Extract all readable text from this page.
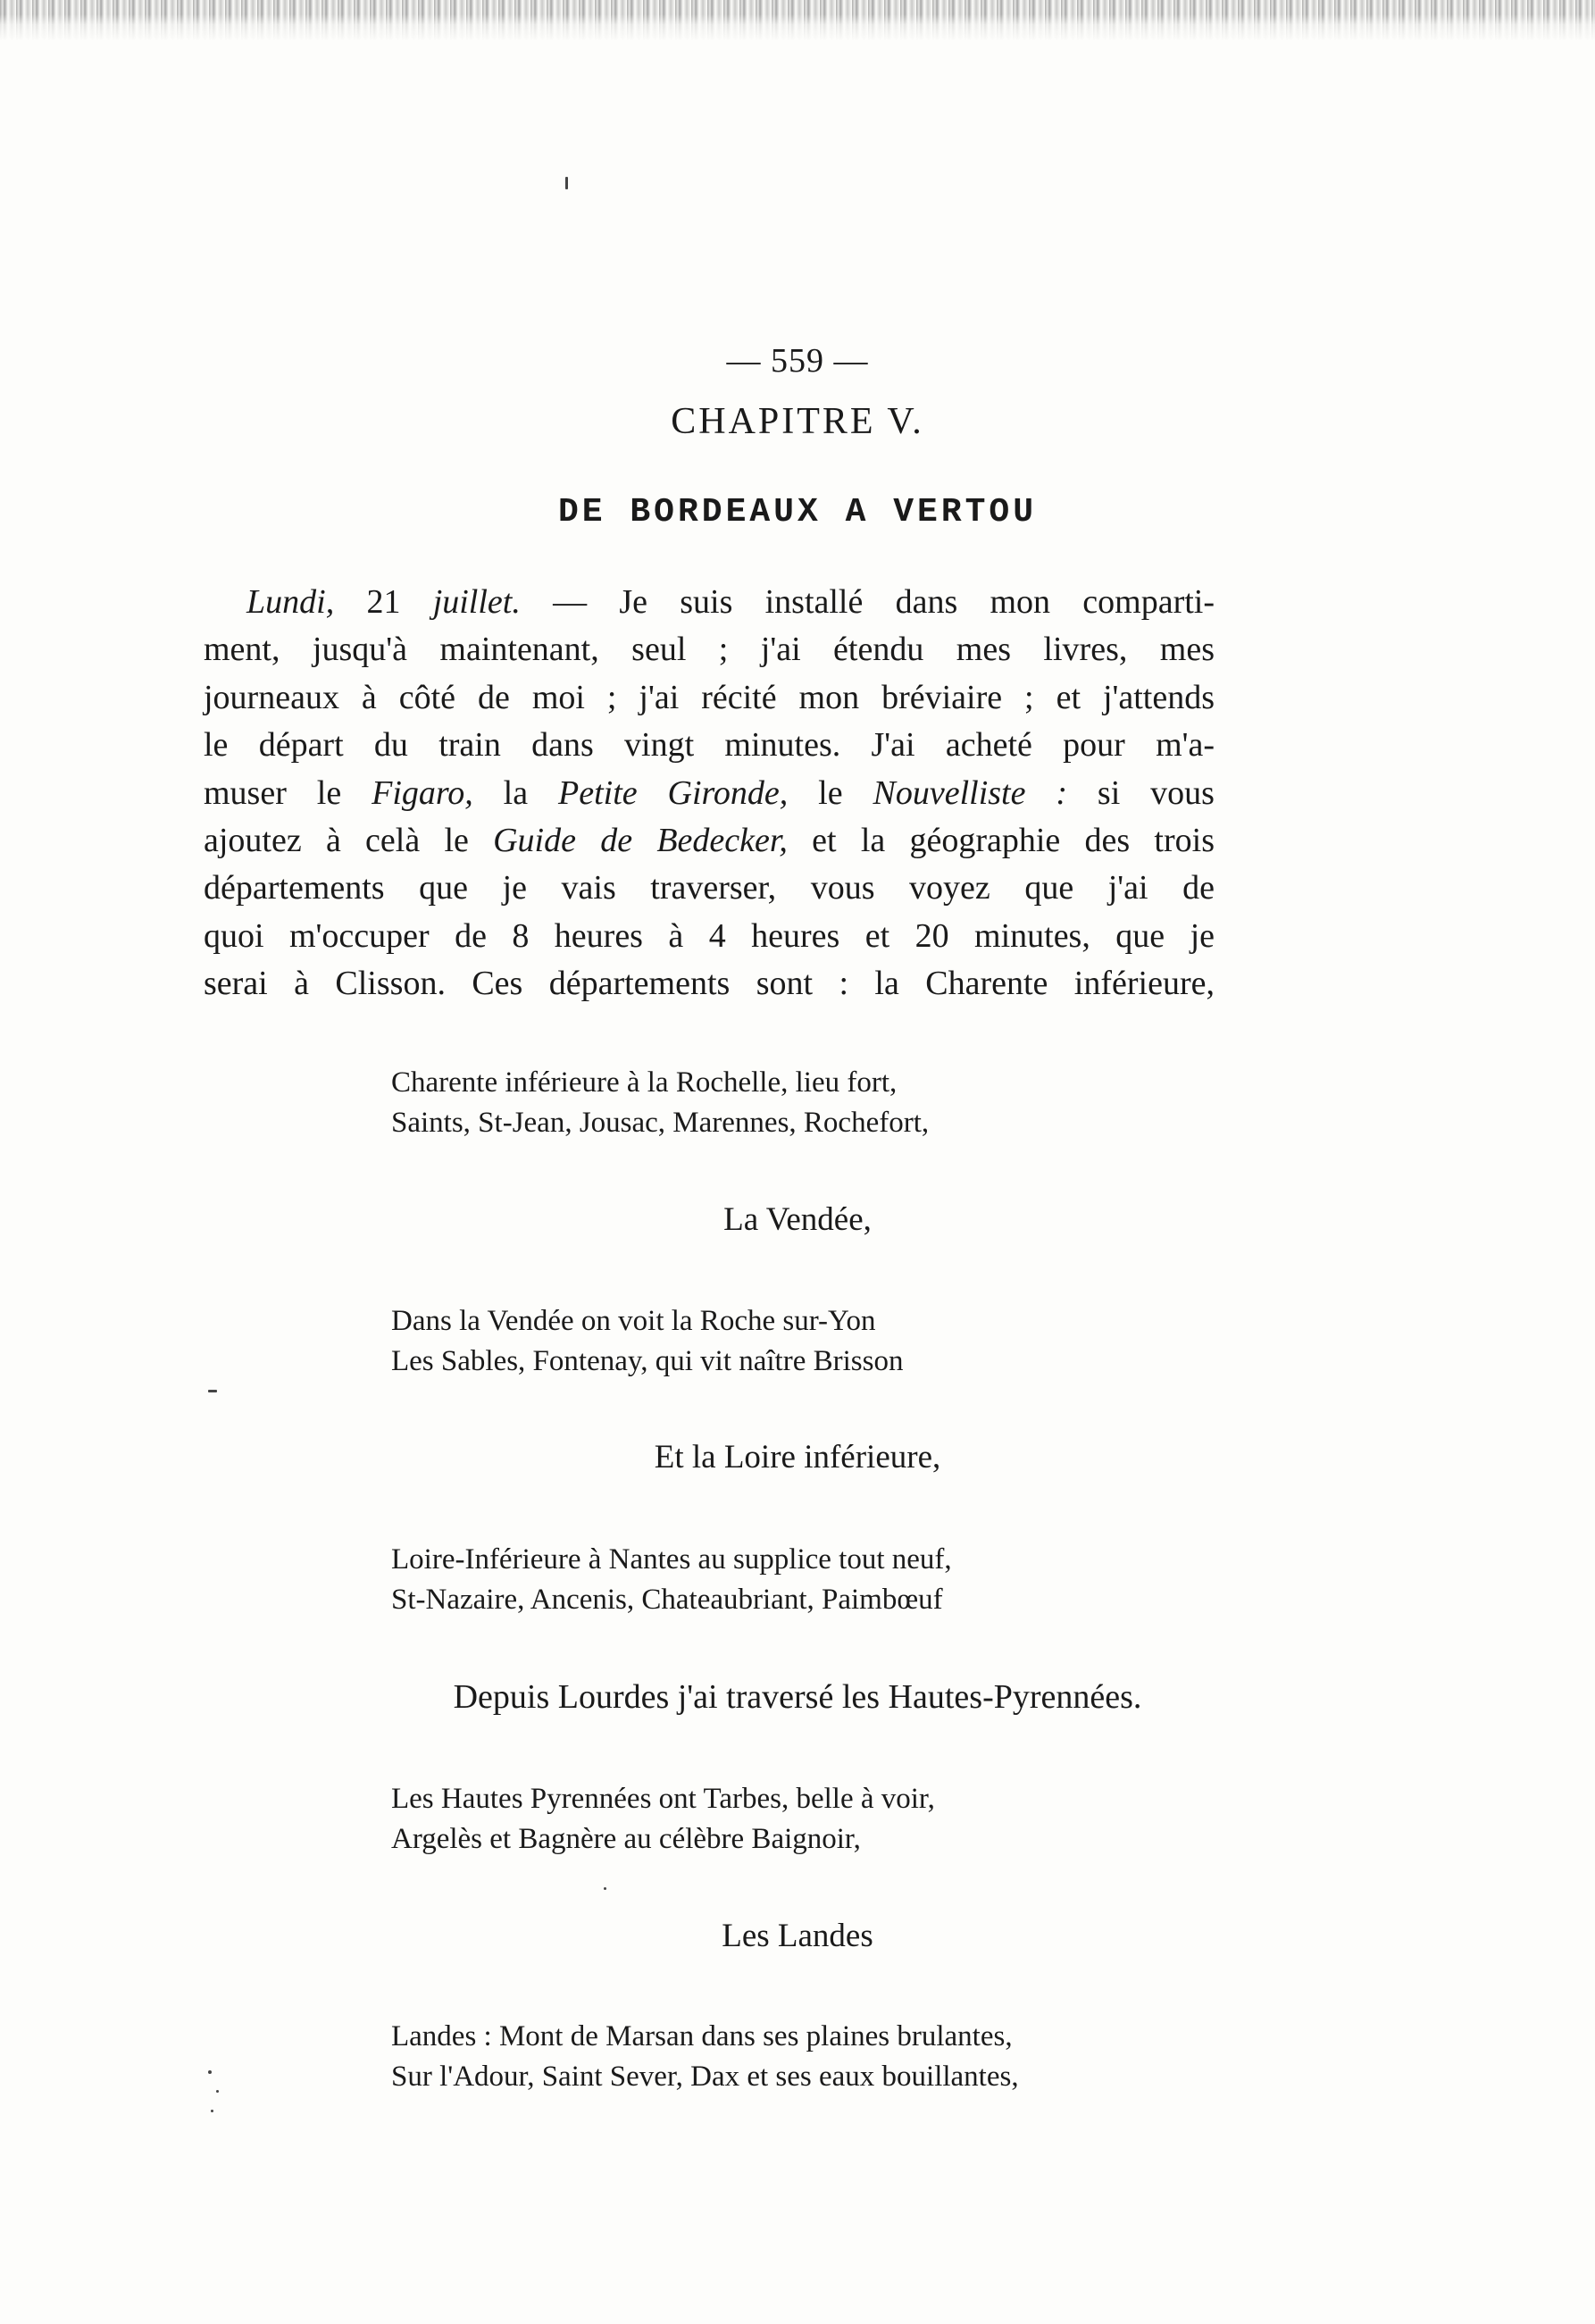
— 559 —
CHAPITRE V.
DE BORDEAUX A VERTOU
Lundi, 21 juillet. — Je suis installé dans mon comparti-
ment, jusqu'à maintenant, seul ; j'ai étendu mes livres, mes
journeaux à côté de moi ; j'ai récité mon bréviaire ; et j'attends
le départ du train dans vingt minutes. J'ai acheté pour m'a-
muser le Figaro, la Petite Gironde, le Nouvelliste : si vous
ajoutez à celà le Guide de Bedecker, et la géographie des trois
départements que je vais traverser, vous voyez que j'ai de
quoi m'occuper de 8 heures à 4 heures et 20 minutes, que je
serai à Clisson. Ces départements sont : la Charente inférieure,
Charente inférieure à la Rochelle, lieu fort,
Saints, St-Jean, Jousac, Marennes, Rochefort,
La Vendée,
Dans la Vendée on voit la Roche sur-Yon
Les Sables, Fontenay, qui vit naître Brisson
Et la Loire inférieure,
Loire-Inférieure à Nantes au supplice tout neuf,
St-Nazaire, Ancenis, Chateaubriant, Paimbœuf
Depuis Lourdes j'ai traversé les Hautes-Pyrennées.
Les Hautes Pyrennées ont Tarbes, belle à voir,
Argelès et Bagnère au célèbre Baignoir,
Les Landes
Landes : Mont de Marsan dans ses plaines brulantes,
Sur l'Adour, Saint Sever, Dax et ses eaux bouillantes,
